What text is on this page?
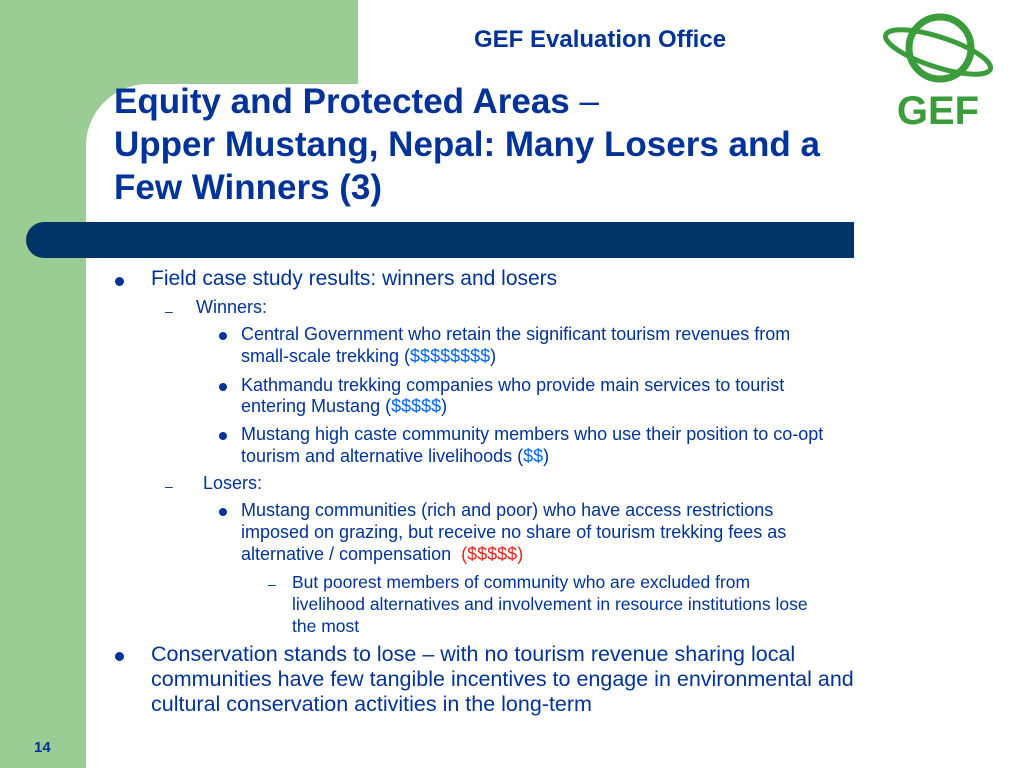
GEF Evaluation Office
GEF
Equity and Protected Areas –
Upper Mustang, Nepal: Many Losers and a
Few Winners (3)
Field case study results: winners and losers
– Winners:
Central Government who retain the significant tourism revenues from
small-scale trekking ($$$$$$$$)
Kathmandu trekking companies who provide main services to tourist
entering Mustang ($$$$$)
Mustang high caste community members who use their position to co-opt
tourism and alternative livelihoods ($$)
– Losers:
Mustang communities (rich and poor) who have access restrictions
imposed on grazing, but receive no share of tourism trekking fees as
alternative / compensation ($$$$$)
– But poorest members of community who are excluded from
livelihood alternatives and involvement in resource institutions lose
the most
Conservation stands to lose – with no tourism revenue sharing local
communities have few tangible incentives to engage in environmental and
cultural conservation activities in the long-term
14
